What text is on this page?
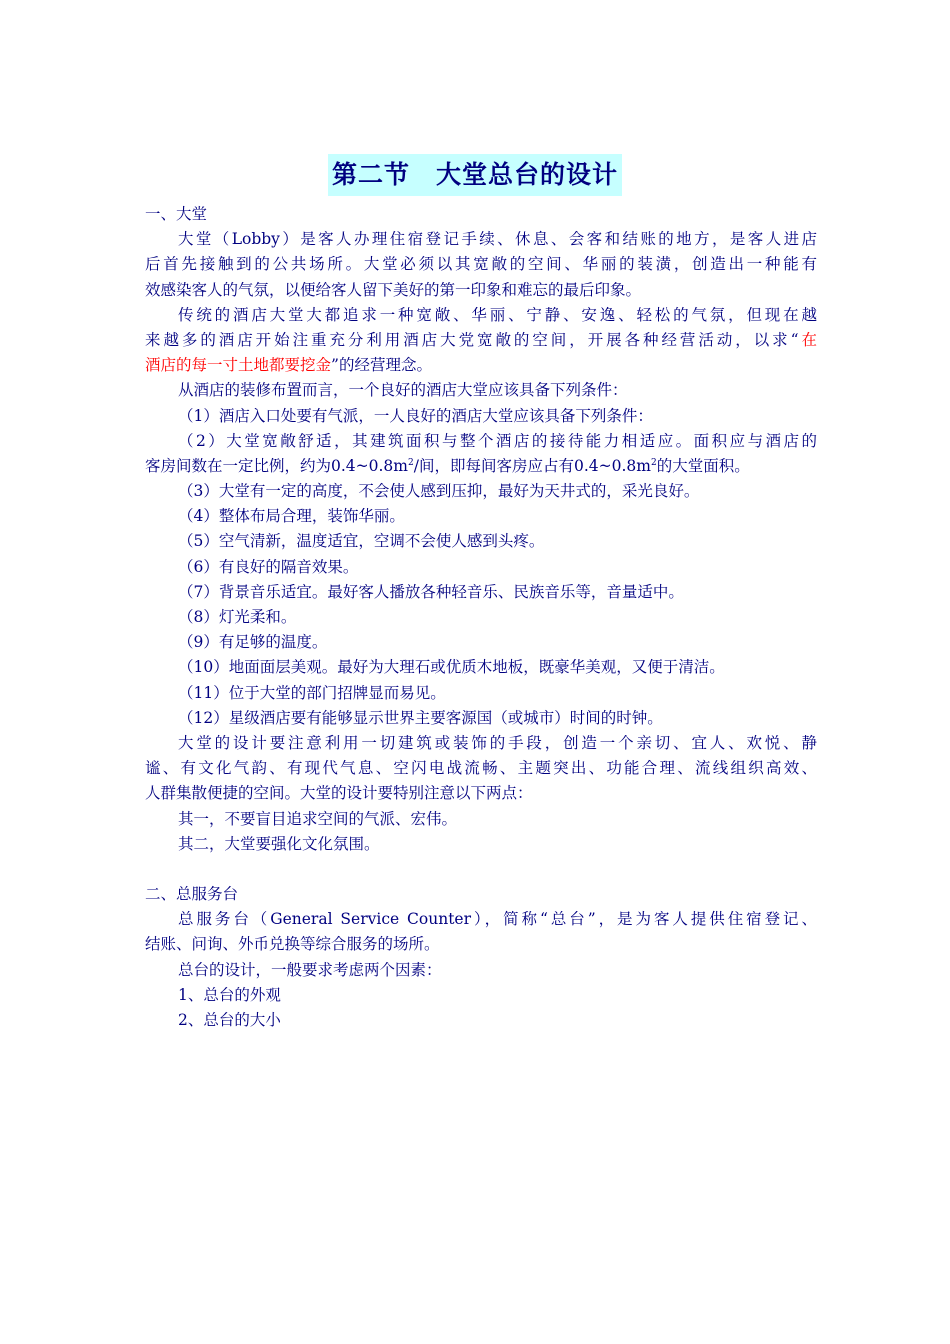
第二节　大堂总台的设计
一、大堂
大堂（Lobby）是客人办理住宿登记手续、休息、会客和结账的地方，是客人进店
后首先接触到的公共场所。大堂必须以其宽敞的空间、华丽的装潢，创造出一种能有
效感染客人的气氛，以便给客人留下美好的第一印象和难忘的最后印象。
传统的酒店大堂大都追求一种宽敞、华丽、宁静、安逸、轻松的气氛，但现在越
来越多的酒店开始注重充分利用酒店大党宽敞的空间，开展各种经营活动，以求“在
酒店的每一寸土地都要挖金”的经营理念。
从酒店的装修布置而言，一个良好的酒店大堂应该具备下列条件：
（1）酒店入口处要有气派，一人良好的酒店大堂应该具备下列条件：
（2）大堂宽敞舒适，其建筑面积与整个酒店的接待能力相适应。面积应与酒店的
客房间数在一定比例，约为$0.4\sim 0.8m^2/$间，即每间客房应占有$0.4\sim 0.8m^2$的大堂面积。
（3）大堂有一定的高度，不会使人感到压抑，最好为天井式的，采光良好。
（4）整体布局合理，装饰华丽。
（5）空气清新，温度适宜，空调不会使人感到头疼。
（6）有良好的隔音效果。
（7）背景音乐适宜。最好客人播放各种轻音乐、民族音乐等，音量适中。
（8）灯光柔和。
（9）有足够的温度。
（10）地面面层美观。最好为大理石或优质木地板，既豪华美观，又便于清洁。
（11）位于大堂的部门招牌显而易见。
（12）星级酒店要有能够显示世界主要客源国（或城市）时间的时钟。
大堂的设计要注意利用一切建筑或装饰的手段，创造一个亲切、宜人、欢悦、静
谧、有文化气韵、有现代气息、空闪电战流畅、主题突出、功能合理、流线组织高效、
人群集散便捷的空间。大堂的设计要特别注意以下两点：
其一，不要盲目追求空间的气派、宏伟。
其二，大堂要强化文化氛围。
二、总服务台
总服务台（General Service Counter），简称“总台”，是为客人提供住宿登记、
结账、问询、外币兑换等综合服务的场所。
总台的设计，一般要求考虑两个因素：
1、总台的外观
2、总台的大小
